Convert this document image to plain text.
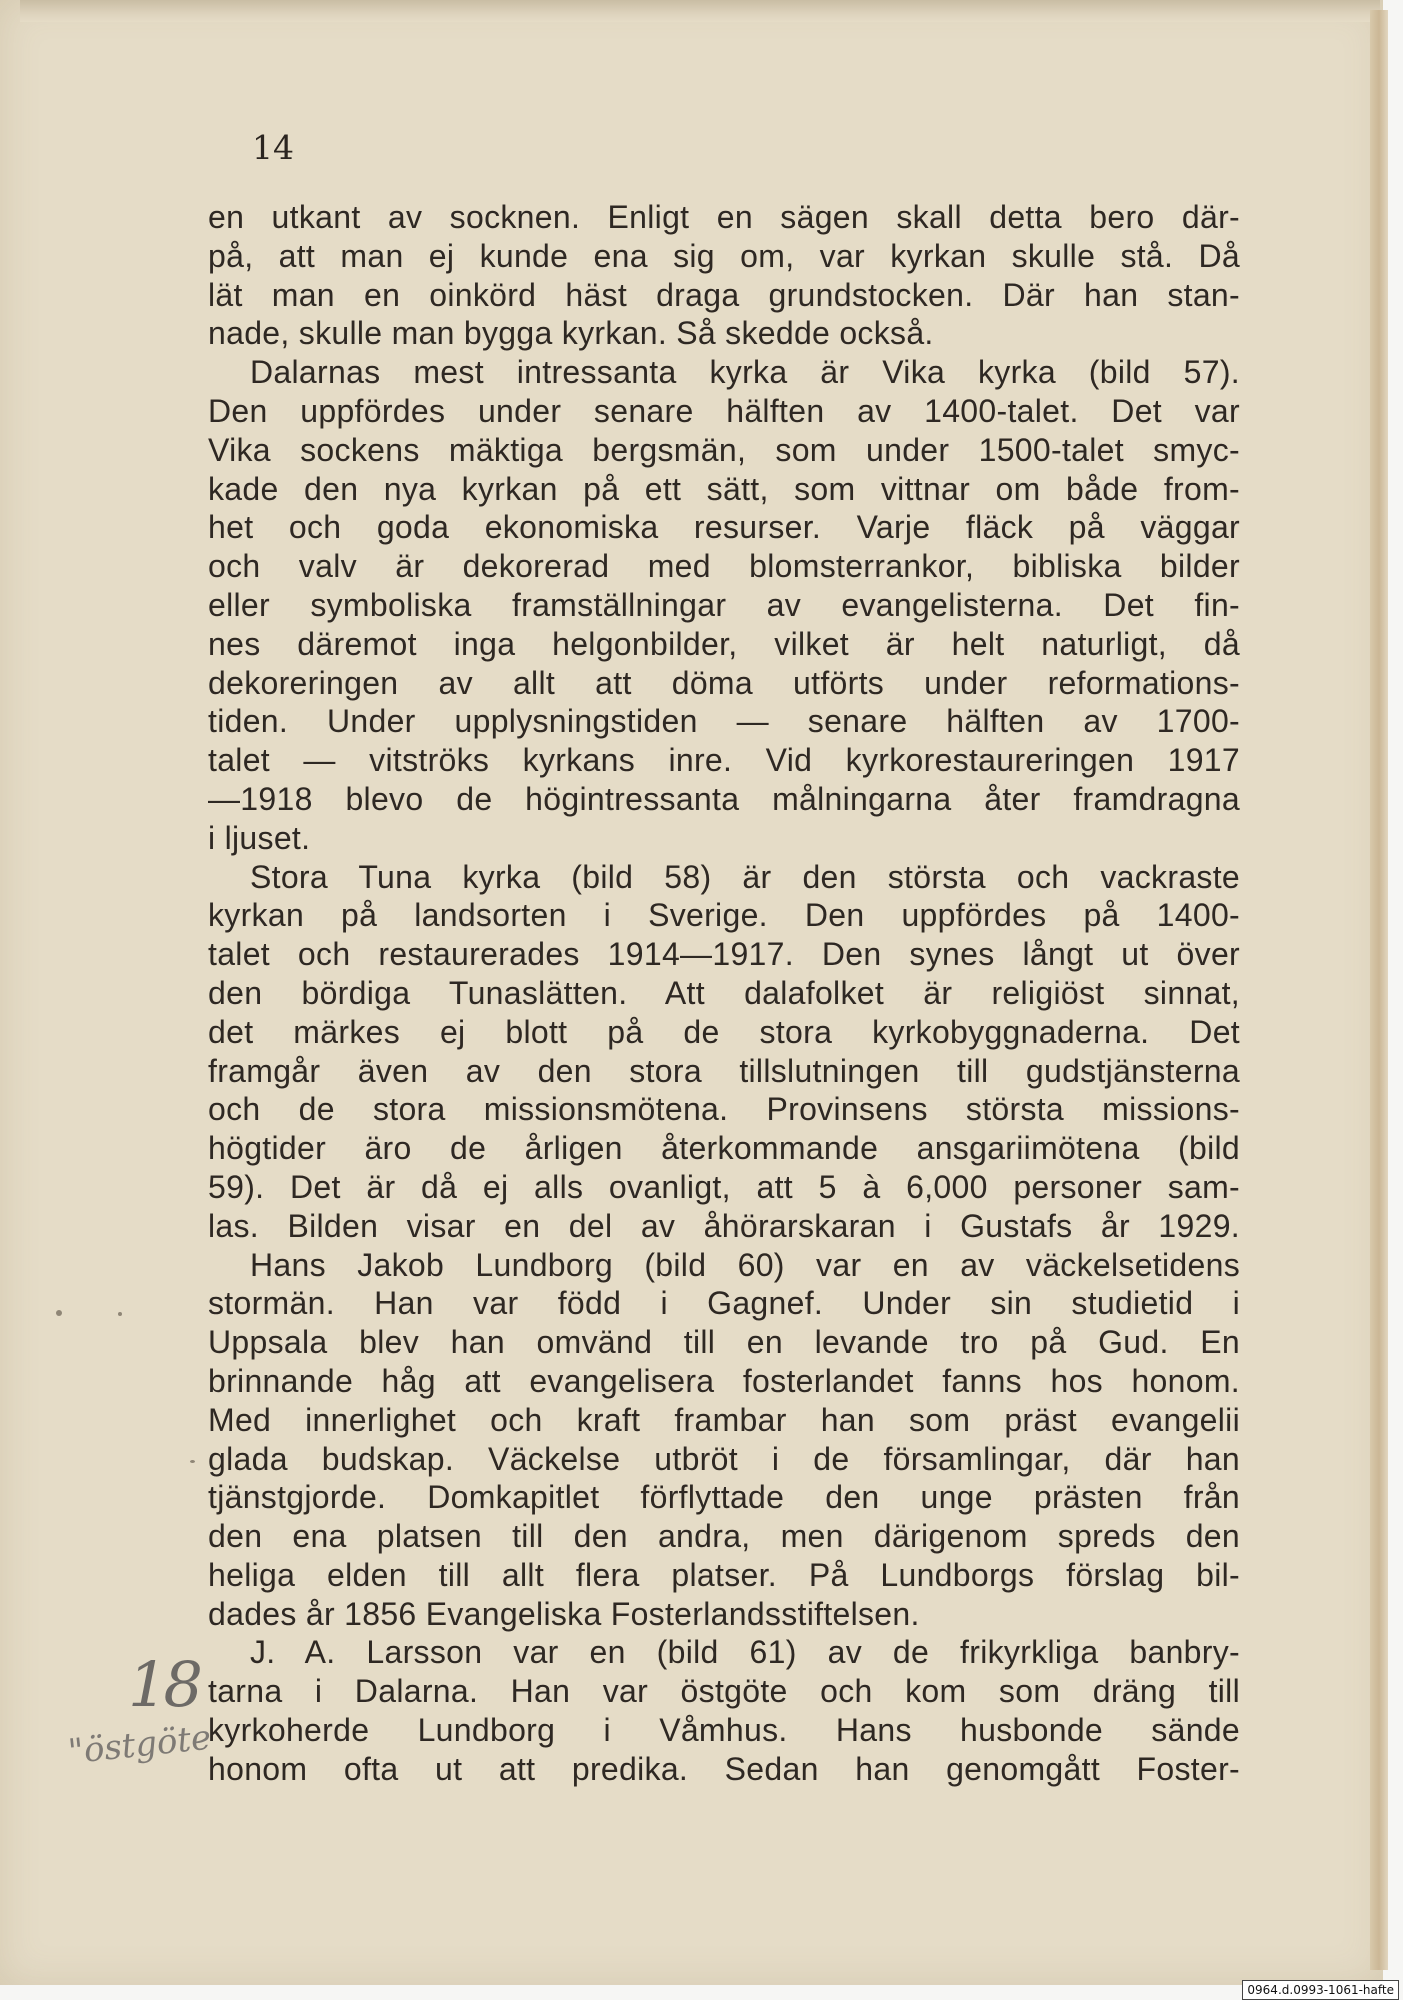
14
en utkant av socknen. Enligt en sägen skall detta bero där-
på, att man ej kunde ena sig om, var kyrkan skulle stå. Då
lät man en oinkörd häst draga grundstocken. Där han stan-
nade, skulle man bygga kyrkan. Så skedde också.
Dalarnas mest intressanta kyrka är Vika kyrka (bild 57).
Den uppfördes under senare hälften av 1400-talet. Det var
Vika sockens mäktiga bergsmän, som under 1500-talet smyc-
kade den nya kyrkan på ett sätt, som vittnar om både from-
het och goda ekonomiska resurser. Varje fläck på väggar
och valv är dekorerad med blomsterrankor, bibliska bilder
eller symboliska framställningar av evangelisterna. Det fin-
nes däremot inga helgonbilder, vilket är helt naturligt, då
dekoreringen av allt att döma utförts under reformations-
tiden. Under upplysningstiden — senare hälften av 1700-
talet — vitströks kyrkans inre. Vid kyrkorestaureringen 1917
—1918 blevo de högintressanta målningarna åter framdragna
i ljuset.
Stora Tuna kyrka (bild 58) är den största och vackraste
kyrkan på landsorten i Sverige. Den uppfördes på 1400-
talet och restaurerades 1914—1917. Den synes långt ut över
den bördiga Tunaslätten. Att dalafolket är religiöst sinnat,
det märkes ej blott på de stora kyrkobyggnaderna. Det
framgår även av den stora tillslutningen till gudstjänsterna
och de stora missionsmötena. Provinsens största missions-
högtider äro de årligen återkommande ansgariimötena (bild
59). Det är då ej alls ovanligt, att 5 à 6,000 personer sam-
las. Bilden visar en del av åhörarskaran i Gustafs år 1929.
Hans Jakob Lundborg (bild 60) var en av väckelsetidens
stormän. Han var född i Gagnef. Under sin studietid i
Uppsala blev han omvänd till en levande tro på Gud. En
brinnande håg att evangelisera fosterlandet fanns hos honom.
Med innerlighet och kraft frambar han som präst evangelii
glada budskap. Väckelse utbröt i de församlingar, där han
tjänstgjorde. Domkapitlet förflyttade den unge prästen från
den ena platsen till den andra, men därigenom spreds den
heliga elden till allt flera platser. På Lundborgs förslag bil-
dades år 1856 Evangeliska Fosterlandsstiftelsen.
J. A. Larsson var en (bild 61) av de frikyrkliga banbry-
tarna i Dalarna. Han var östgöte och kom som dräng till
kyrkoherde Lundborg i Våmhus. Hans husbonde sände
honom ofta ut att predika. Sedan han genomgått Foster-
18
"östgöte
0964.d.0993-1061-hafte
